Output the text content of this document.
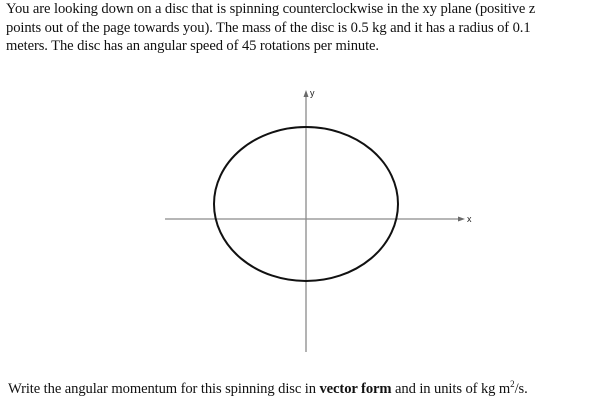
You are looking down on a disc that is spinning counterclockwise in the xy plane (positive z
points out of the page towards you). The mass of the disc is 0.5 kg and it has a radius of 0.1
meters. The disc has an angular speed of 45 rotations per minute.
x
y
Write the angular momentum for this spinning disc in vector form and in units of kg $m^2/s$.
